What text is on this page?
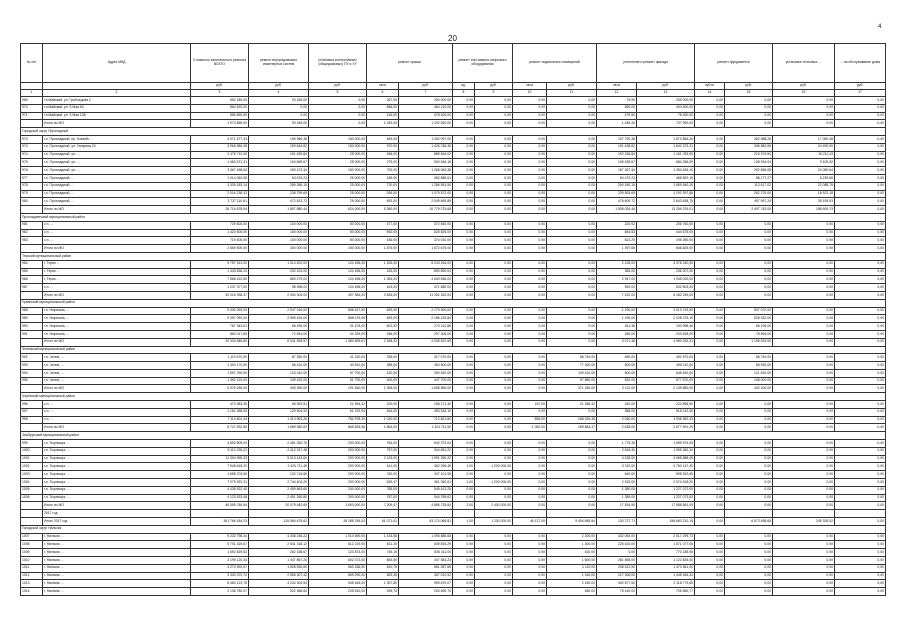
20
4
№ п/п	Адрес МКД	Стоимость капитального ремонта ВСЕГО	ремонт внутридомовых инженерных систем	установка коллективных (общедомовых) ПУ и УУ	ремонт крыши		ремонт или замена лифтового оборудования		ремонт подвальных помещений		утепление и ремонт фасада		ремонт фундамента		установка тепловых ...	... на обслуживание дома
		руб.	руб.	руб.	кв.м	руб.	ед.	руб.	кв.м	руб.	кв.м	руб.	куб.м	руб.	руб.	руб.
1	2	3	4	5	6	7	8	9	10	11	12	13	14	15	16	17
969	г.п.Майский, ул. Грибоедова 2	552 345,00	93 345,00	0,00	267,00	250 000,00	0,00	0,00	0,00	0,00	76,90	259 000,00	0,00	0,00	0,00	0,00
970	г.п.Майский, ул. 9 Мая 63	864 620,00	0,00	0,00	566,00	464 120,00	0,00	0,00	0,00	0,00	890,00	400 500,00	0,00	0,00	0,00	0,00
971	г.п.Майский, ул. 9 Мая 138	556 890,00	0,00	0,00	416,00	478 400,00	0,00	0,00	0,00	0,00	479,50	78 490,00	0,00	0,00	0,00	0,00
	Итого по МО	1 973 855,00	93 345,00	0,00	1 249,00	1 192 520,00	0,00	0,00	0,00	0,00	1 446,40	737 990,00	0,00	0,00	0,00	0,00
Городской округ Прохладный																
972	г.о. Прохладный, пр. Боевой ...	4 071 577,34	196 986,38	150 000,00	849,00	1 452 097,00	0,00	0,00	0,00	0,00	197 790,38	1 873 854,26	0,00	352 988,26	17 050,48	0,00
973	г.о. Прохладный, ул. Гагарина 24	3 966 980,08	190 644,82	150 000,00	970,00	1 426 786,35	0,00	0,00	0,00	0,00	191 438,82	1 842 373,31	0,00	346 682,69	24 490,90	0,00
974	г.о. Прохладный, ул. ...	2 475 712,00	191 490,84	25 000,00	456,00	885 544,02	0,00	0,00	0,00	0,00	192 236,84	1 161 783,50	0,00	215 374,94	15 211,43	0,00
975	г.о. Прохладный, ул. ...	1 483 571,31	104 665,67	25 000,00	275,00	530 546,16	0,00	0,00	0,00	0,00	105 439,67	684 256,09	0,00	128 916,04	9 109,32	0,00
976	г.о. Прохладный, ул. ...	3 367 458,63	150 473,34	150 000,00	792,00	1 265 062,38	0,00	0,00	0,00	0,00	157 267,34	1 354 426,10	0,00	292 836,08	20 050,64	0,00
977	г.о. Прохладный, ...	1 014 062,06	63 676,23	25 000,00	185,00	362 886,61	0,00	0,00	0,00	0,00	64 470,23	468 892,16	0,00	88 177,27	6 239,68	0,00
978	г.о. Прохладный, ...	3 339 183,14	289 286,15	25 000,00	720,00	1 286 551,50	0,00	0,00	0,00	0,00	290 180,15	1 659 540,30	0,00	112 617,02	22 088,75	0,00
979	г.о. Прохладный, ...	2 016 238,32	238 759,65	25 000,00	536,00	1 079 572,00	0,00	0,00	0,00	0,00	239 553,65	1 192 397,86	0,00	262 275,00	18 522,18	0,00
980	г.о. Прохладный, ...	3 737 110,61	472 813,72	25 000,00	693,00	2 049 669,89	0,00	0,00	0,00	0,00	476 609,72	2 643 638,79	0,00	497 997,24	35 199,93	0,00
	Итого по МО	26 716 878,94	1 897 880,44	624 000,00	5 380,00	10 779 275,68	0,00	0,00	0,00	0,00	1 895 026,46	13 259 376,01	0,00	2 497 743,00	188 600,73	0,00
Прохладненский муниципальный район																
981	с.п. ...	729 600,00	100 000,00	50 000,00	477,00	372 840,00	0,00	0,00	0,00	0,00	220,92	206 760,00	0,00	0,00	0,00	0,00
982	с.п. ...	1 420 500,00	100 000,00	50 000,00	962,00	825 825,00	0,00	0,00	0,00	0,00	654,53	444 675,00	0,00	0,00	0,00	0,00
983	с.п. ...	719 400,00	100 000,00	50 000,00	436,00	374 010,00	0,00	0,00	0,00	0,00	522,20	195 390,00	0,00	0,00	0,00	0,00
	Итого по МО	2 869 500,00	300 000,00	150 000,00	1 875,00	1 572 675,00	0,00	0,00	0,00	0,00	1 397,65	846 825,00	0,00	0,00	0,00	0,00
Терский муниципальный район																
984	г. Терек ...	9 757 513,00	1 014 402,00	124 496,00	1 526,00	5 243 264,00	0,00	0,00	0,00	0,00	2 128,00	3 378 240,00	0,00	0,00	0,00	0,00
985	г. Терек ...	1 443 836,24	192 223,00	124 496,00	425,00	890 890,04	0,00	0,00	0,00	0,00	355,00	236 207,00	0,00	0,00	0,00	0,00
986	г. Терек ...	7 568 422,50	860 279,00	124 496,00	1 354,00	4 649 836,00	0,00	0,00	0,00	0,00	2 947,00	1 945 020,00	0,00	0,00	0,00	0,00
987	с.п. ...	1 237 377,00	98 398,00	124 496,00	424,00	471 680,00	0,00	0,00	0,00	0,00	592,00	532 803,00	0,00	0,00	0,00	0,00
	Итого по МО	20 016 938,37	2 054 304,00	497 984,00	3 826,00	11 252 320,04	0,00	0,00	0,00	0,00	7 222,00	6 182 249,00	0,00	0,00	0,00	0,00
Урванский муниципальный район																
988	г.п. Нарткала, ...	9 330 393,00	2 947 016,00	656 617,50	829,00	2 179 900,00	0,00	0,00	0,00	0,00	1 190,00	2 013 743,50	0,00	537 072,00	0,00	0,00
989	г.п. Нарткала, ...	9 357 092,00	2 955 434,00	658 475,55	829,00	2 186 215,84	0,00	0,00	0,00	0,00	1 190,00	2 028 375,15	0,00	528 332,00	0,00	0,00
990	г.п. Нарткала, ...	787 343,61	66 495,00	31 478,00	602,32	272 110,86	0,00	0,00	0,00	0,00	611,38	190 998,46	0,00	66 195,00	0,00	0,00
991	г.п. Нарткала, ...	860 017,80	72 651,00	34 329,00	256,00	297 306,00	0,00	0,00	0,00	0,00	280,00	203 495,00	0,00	78 594,00	0,00	0,00
	Итого по МО	20 334 846,80	6 041 593,97	1 380 899,61	2 458,32	4 935 522,69	0,00	0,00	0,00	0,00	3 071,38	4 980 032,31	0,00	1 195 923,00	0,00	0,00
Чегемский муниципальный район																
992	г.п. Чегем, ...	1 119 670,00	87 250,00	41 220,00	335,00	317 070,00	0,00	0,00	0,00	86 740,00	480,00	492 570,00	0,00	86 740,00	0,00	0,00
993	г.п. Чегем, ...	1 300 170,00	86 410,00	40 810,00	385,00	353 600,00	0,00	0,00	0,00	77 300,00	500,00	496 110,00	0,00	85 930,00	0,00	0,00
994	г.п. Чегем, ...	1 557 290,00	123 310,00	57 700,00	432,00	300 520,00	0,00	0,00	0,00	109 410,00	600,00	645 630,00	0,00	121 620,00	0,00	0,00
995	г.п. Чегем, ...	1 392 120,00	109 420,00	51 700,00	400,00	447 700,00	0,00	0,00	0,00	97 880,00	532,00	577 570,00	0,00	108 000,00	0,00	0,00
	Итого по МО	5 376 250,00	405 390,00	191 540,00	1 395,00	1 658 960,00	0,00	0,00	0,00	371 330,00	2 112,00	2 139 880,00	0,00	402 100,00	0,00	0,00
Черекский муниципальный район																
996	с.п. ...	470 383,35	65 952,51	21 594,32	220,00	158 171,40	0,00	0,00	157,00	21 358,32	240,00	222 896,90	0,00	0,00	0,00	0,00
997	с.п. ...	1 162 358,05	129 504,94	61 192,94	634,00	453 518,10	0,00	0,00	0,00	0,00	358,00	518 142,06	0,00	0,00	0,00	0,00
998	с.п. ...	7 114 801,44	1 313 963,26	782 978,30	1 010,00	712 821,80	0,00	0,00	895,00	168 325,35	2 030,00	1 936 952,33	0,00	0,00	0,00	0,00
	Итого по МО	8 747 532,80	1 689 380,81	865 825,56	1 864,00	1 324 711,50	0,00	0,00	1 052,00	189 684,37	2 628,00	2 677 991,29	0,00	0,00	0,00	0,00
Эльбрусский муниципальный район																
999	г.п. Тырныауз, ...	4 893 809,04	2 451 260,76	200 000,00	784,00	542 373,04	0,00	0,00	0,00	0,00	1 775,30	1 699 974,05	0,00	0,00	0,00	0,00
1000	г.п. Тырныауз, ...	5 112 235,22	2 412 247,48	200 000,00	787,00	544 651,22	0,00	0,00	0,00	0,00	2 816,40	1 955 362,34	0,00	0,00	0,00	0,00
1001	г.п. Тырныауз, ...	11 304 995,33	5 013 143,60	200 000,00	2 129,00	1 991 390,22	0,00	0,00	0,00	0,00	4 235,00	4 065 888,45	0,00	0,00	0,00	0,00
1002	г.п. Тырныауз, ...	7 946 618,20	2 420 711,45	200 000,00	441,00	362 259,45	1,00	1 200 000,00	0,00	0,00	3 742,00	3 760 147,30	0,00	0,00	0,00	0,00
1003	г.п. Тырныауз, ...	1 658 703,50	132 716,80	200 000,00	760,00	347 101,95	0,00	0,00	0,00	0,00	640,00	598 922,65	0,00	0,00	0,00	0,00
1004	г.п. Тырныауз, ...	7 079 922,31	2 744 404,20	200 000,00	639,47	361 050,61	1,00	1 200 000,00	0,00	0,00	2 432,00	2 574 518,20	0,00	0,00	0,00	0,00
1005	г.п. Тырныауз, ...	4 435 522,45	2 459 863,60	200 000,00	785,00	545 413,25	0,00	0,00	0,00	0,00	1 380,00	1 227 072,00	0,00	0,00	0,00	0,00
1006	г.п. Тырныауз, ...	4 123 523,48	2 451 260,80	200 000,00	787,00	544 789,62	0,00	0,00	0,00	0,00	1 389,00	1 227 073,00	0,00	0,00	0,00	0,00
	Итого по МО	46 555 789,54	20 079 482,69	1 600 000,00	7 209,47	4 886 725,84	2,00	2 400 000,00	0,00	0,00	17 534,90	17 588 581,09	0,00	0,00	0,00	0,00
	2017 год															
	Итого 2017 год	391 766 184,23	126 584 675,62	28 288 765,53	61 071,61	63 174 066,81	1,00	1 200 000,00	46 137,00	9 454 685,84	130 727,71	156 663 210,15	0,00	6 573 498,65	249 335,52	0,00
Городской округ Нальчик																
1007	г. Нальчик ...	9 232 798,34	4 336 156,22	1 010 690,00	1 434,58	1 096 886,65	0,00	0,00	0,00	2 200,00	432 053,00	2 617 299,73	0,00	0,00	0,00	0,00
1008	г. Нальчик ...	5 701 325,67	2 541 318,12	612 219,00	821,30	609 815,29	0,00	0,00	0,00	1 300,00	225 420,00	1 571 077,06	0,00	0,00	0,00	0,00
1009	г. Нальчик ...	1 692 829,82	262 158,67	123 874,00	745,15	536 411,00	0,00	0,00	0,00	420,00	0,00	770 185,96	0,00	0,00	0,00	0,00
1010	г. Нальчик ...	3 199 120,34	1 447 867,20	602 072,00	864,50	347 583,23	0,00	0,00	0,00	1 600,00	261 898,00	1 122 825,00	0,00	0,00	0,00	0,00
1011	г. Нальчик ...	3 273 992,57	1 528 530,60	563 336,00	810,75	561 087,65	0,00	0,00	0,00	1 110,00	208 512,50	1 473 561,00	0,00	0,00	0,00	0,00
1012	г. Нальчик ...	3 330 370,72	2 555 307,42	569 290,00	829,35	367 022,52	0,00	0,00	0,00	1 160,00	217 306,00	1 445 546,34	0,00	0,00	0,00	0,00
1013	г. Нальчик ...	8 460 123,78	4 234 304,54	945 445,00	1 357,80	959 670,07	0,00	0,00	0,00	2 150,00	402 877,50	2 118 773,65	0,00	0,00	0,00	0,00
1014	г. Нальчик ...	2 136 780,07	922 368,60	205 510,00	295,75	204 690,70	0,00	0,00	0,00	460,00	75 140,00	705 650,77	0,00	0,00	0,00	0,00
